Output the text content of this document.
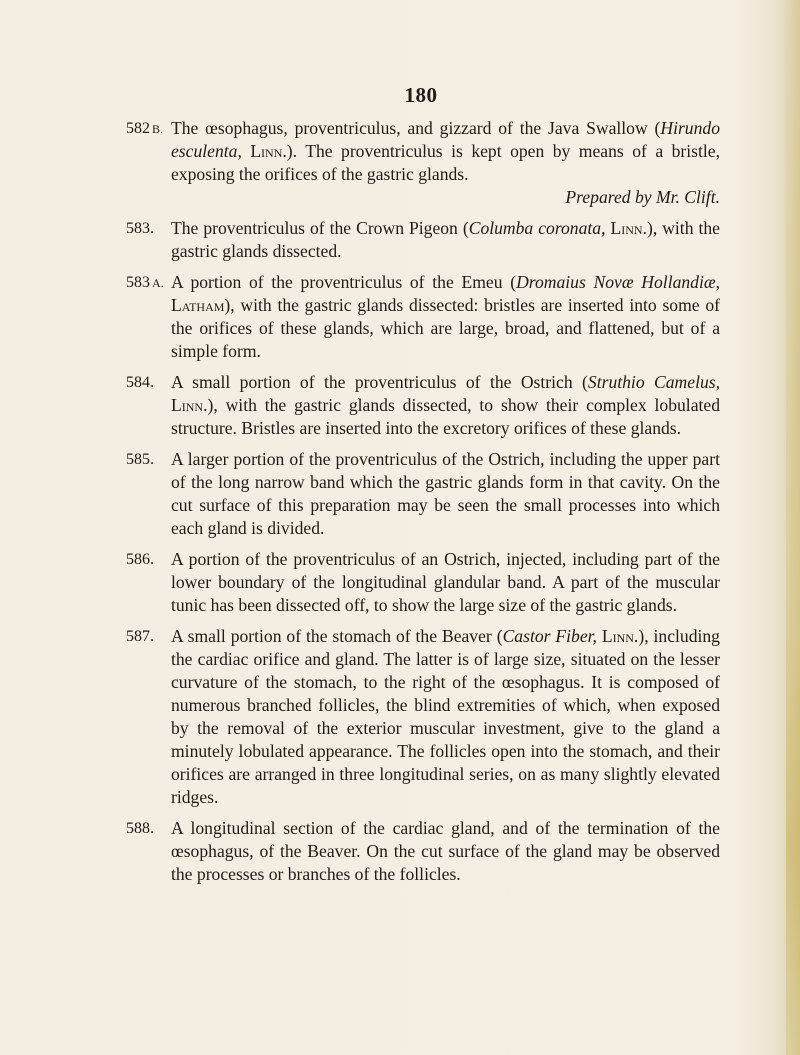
180
582 B. The œsophagus, proventriculus, and gizzard of the Java Swallow (Hirundo esculenta, Linn.). The proventriculus is kept open by means of a bristle, exposing the orifices of the gastric glands.

Prepared by Mr. Clift.

583. The proventriculus of the Crown Pigeon (Columba coronata, Linn.), with the gastric glands dissected.

583 A. A portion of the proventriculus of the Emeu (Dromaius Novæ Hollandiæ, Latham), with the gastric glands dissected: bristles are inserted into some of the orifices of these glands, which are large, broad, and flattened, but of a simple form.

584. A small portion of the proventriculus of the Ostrich (Struthio Camelus, Linn.), with the gastric glands dissected, to show their complex lobulated structure. Bristles are inserted into the excretory orifices of these glands.

585. A larger portion of the proventriculus of the Ostrich, including the upper part of the long narrow band which the gastric glands form in that cavity. On the cut surface of this preparation may be seen the small processes into which each gland is divided.

586. A portion of the proventriculus of an Ostrich, injected, including part of the lower boundary of the longitudinal glandular band. A part of the muscular tunic has been dissected off, to show the large size of the gastric glands.

587. A small portion of the stomach of the Beaver (Castor Fiber, Linn.), including the cardiac orifice and gland. The latter is of large size, situated on the lesser curvature of the stomach, to the right of the œsophagus. It is composed of numerous branched follicles, the blind extremities of which, when exposed by the removal of the exterior muscular investment, give to the gland a minutely lobulated appearance. The follicles open into the stomach, and their orifices are arranged in three longitudinal series, on as many slightly elevated ridges.

588. A longitudinal section of the cardiac gland, and of the termination of the œsophagus, of the Beaver. On the cut surface of the gland may be observed the processes or branches of the follicles.
